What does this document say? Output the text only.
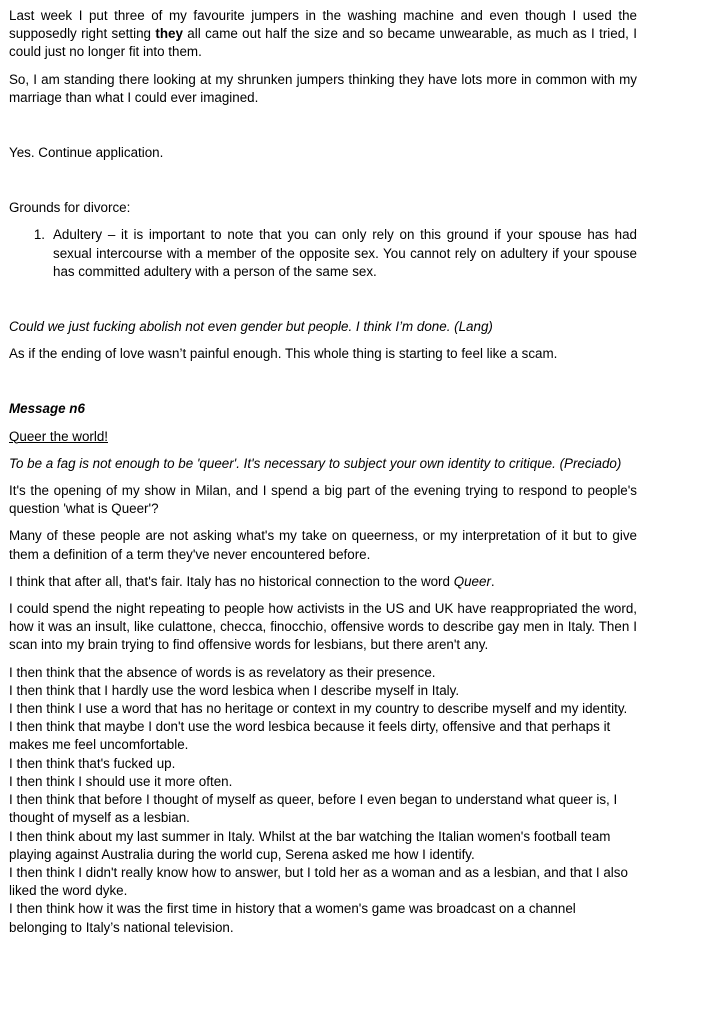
Last week I put three of my favourite jumpers in the washing machine and even though I used the supposedly right setting they all came out half the size and so became unwearable, as much as I tried, I could just no longer fit into them.

So, I am standing there looking at my shrunken jumpers thinking they have lots more in common with my marriage than what I could ever imagined.

Yes. Continue application.

Grounds for divorce:

1. Adultery – it is important to note that you can only rely on this ground if your spouse has had sexual intercourse with a member of the opposite sex. You cannot rely on adultery if your spouse has committed adultery with a person of the same sex.

Could we just fucking abolish not even gender but people. I think I’m done. (Lang)

As if the ending of love wasn’t painful enough. This whole thing is starting to feel like a scam.

Message n6

Queer the world!

To be a fag is not enough to be 'queer'. It's necessary to subject your own identity to critique. (Preciado)

It's the opening of my show in Milan, and I spend a big part of the evening trying to respond to people's question 'what is Queer'?

Many of these people are not asking what's my take on queerness, or my interpretation of it but to give them a definition of a term they've never encountered before.

I think that after all, that's fair. Italy has no historical connection to the word Queer.

I could spend the night repeating to people how activists in the US and UK have reappropriated the word, how it was an insult, like culattone, checca, finocchio, offensive words to describe gay men in Italy. Then I scan into my brain trying to find offensive words for lesbians, but there aren't any.

I then think that the absence of words is as revelatory as their presence.

I then think that I hardly use the word lesbica when I describe myself in Italy.

I then think I use a word that has no heritage or context in my country to describe myself and my identity.

I then think that maybe I don't use the word lesbica because it feels dirty, offensive and that perhaps it makes me feel uncomfortable.

I then think that's fucked up.

I then think I should use it more often.

I then think that before I thought of myself as queer, before I even began to understand what queer is, I thought of myself as a lesbian.

I then think about my last summer in Italy. Whilst at the bar watching the Italian women's football team playing against Australia during the world cup, Serena asked me how I identify.

I then think I didn't really know how to answer, but I told her as a woman and as a lesbian, and that I also liked the word dyke.

I then think how it was the first time in history that a women's game was broadcast on a channel belonging to Italy’s national television.
